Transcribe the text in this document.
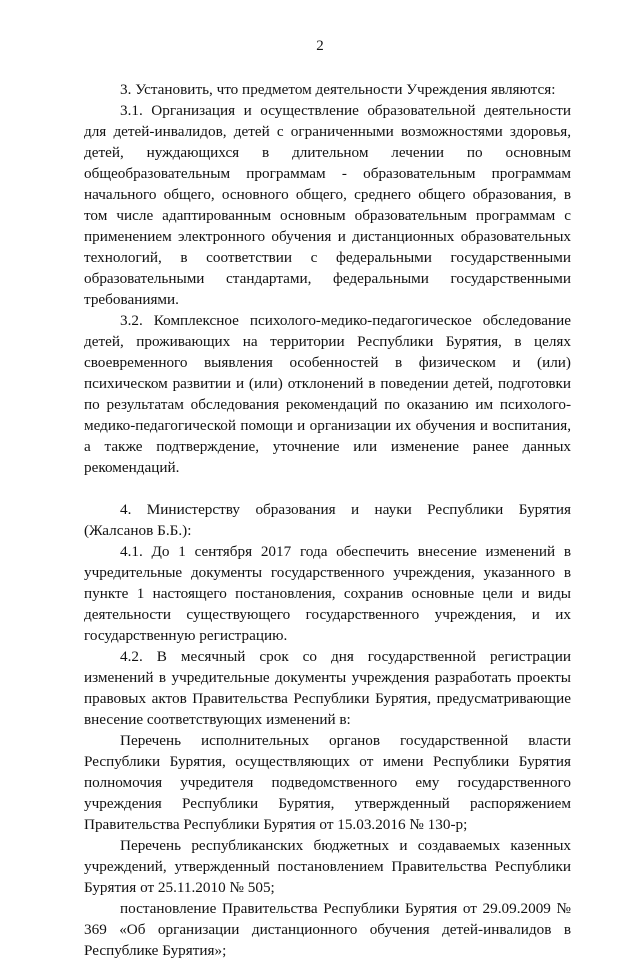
2

3. Установить, что предметом деятельности Учреждения являются:

3.1. Организация и осуществление образовательной деятельности для детей-инвалидов, детей с ограниченными возможностями здоровья, детей, нуждающихся в длительном лечении по основным общеобразовательным программам - образовательным программам начального общего, основного общего, среднего общего образования, в том числе адаптированным основным образовательным программам с применением электронного обучения и дистанционных образовательных технологий, в соответствии с федеральными государственными образовательными стандартами, федеральными государственными требованиями.

3.2. Комплексное психолого-медико-педагогическое обследование детей, проживающих на территории Республики Бурятия, в целях своевременного выявления особенностей в физическом и (или) психическом развитии и (или) отклонений в поведении детей, подготовки по результатам обследования рекомендаций по оказанию им психолого-медико-педагогической помощи и организации их обучения и воспитания, а также подтверждение, уточнение или изменение ранее данных рекомендаций.

4. Министерству образования и науки Республики Бурятия (Жалсанов Б.Б.):

4.1. До 1 сентября 2017 года обеспечить внесение изменений в учредительные документы государственного учреждения, указанного в пункте 1 настоящего постановления, сохранив основные цели и виды деятельности существующего государственного учреждения, и их государственную регистрацию.

4.2. В месячный срок со дня государственной регистрации изменений в учредительные документы учреждения разработать проекты правовых актов Правительства Республики Бурятия, предусматривающие внесение соответствующих изменений в:

Перечень исполнительных органов государственной власти Республики Бурятия, осуществляющих от имени Республики Бурятия полномочия учредителя подведомственного ему государственного учреждения Республики Бурятия, утвержденный распоряжением Правительства Республики Бурятия от 15.03.2016 № 130-р;

Перечень республиканских бюджетных и создаваемых казенных учреждений, утвержденный постановлением Правительства Республики Бурятия от 25.11.2010 № 505;

постановление Правительства Республики Бурятия от 29.09.2009 № 369 «Об организации дистанционного обучения детей-инвалидов в Республике Бурятия»;
